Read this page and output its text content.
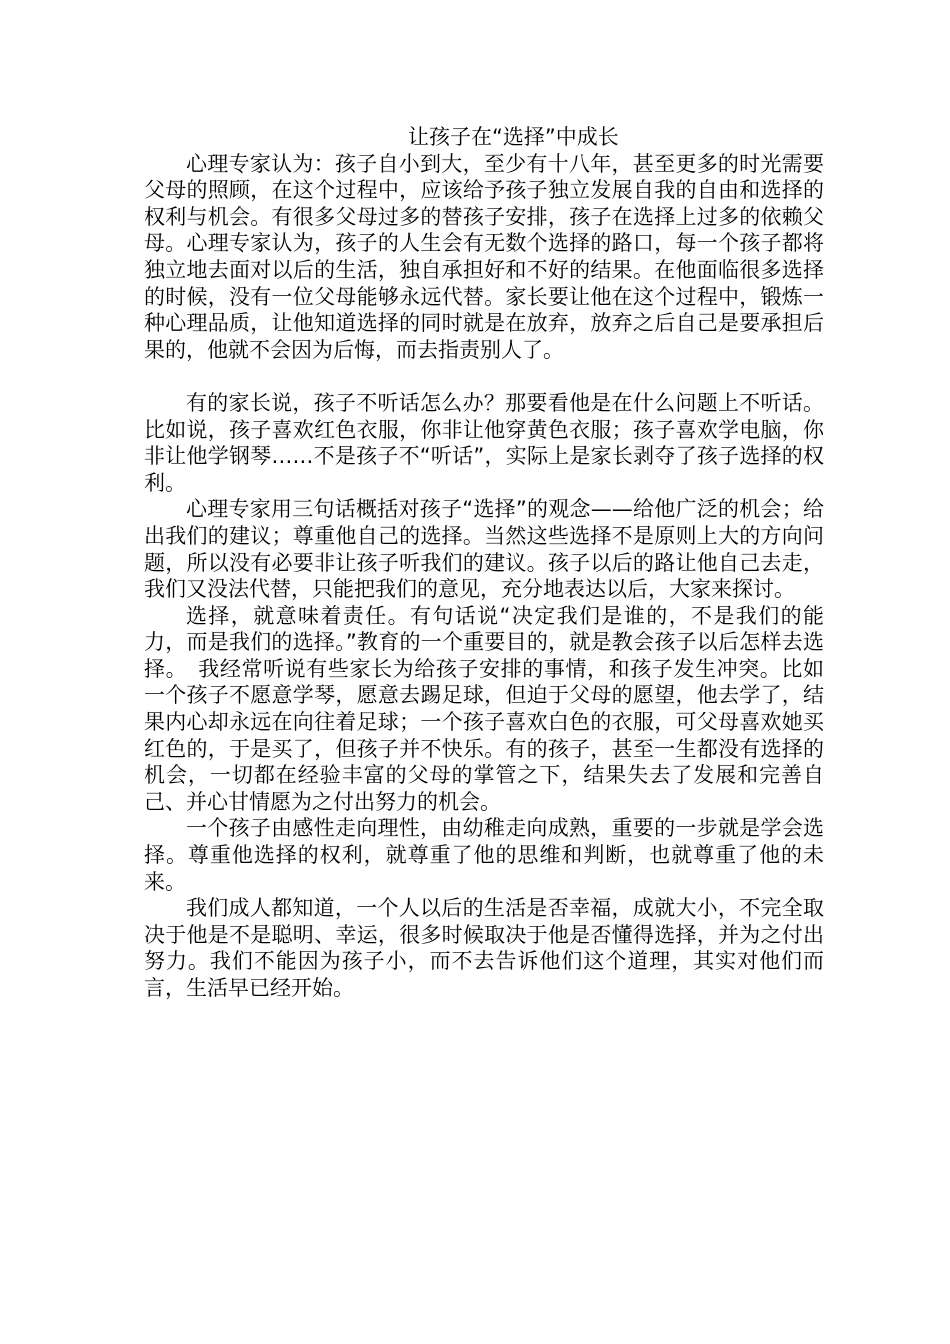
让孩子在“选择”中成长

心理专家认为：孩子自小到大，至少有十八年，甚至更多的时光需要父母的照顾，在这个过程中，应该给予孩子独立发展自我的自由和选择的权利与机会。有很多父母过多的替孩子安排，孩子在选择上过多的依赖父母。心理专家认为，孩子的人生会有无数个选择的路口，每一个孩子都将独立地去面对以后的生活，独自承担好和不好的结果。在他面临很多选择的时候，没有一位父母能够永远代替。家长要让他在这个过程中，锻炼一种心理品质，让他知道选择的同时就是在放弃，放弃之后自己是要承担后果的，他就不会因为后悔，而去指责别人了。

有的家长说，孩子不听话怎么办？那要看他是在什么问题上不听话。比如说，孩子喜欢红色衣服，你非让他穿黄色衣服；孩子喜欢学电脑，你非让他学钢琴……不是孩子不“听话”，实际上是家长剥夺了孩子选择的权利。

心理专家用三句话概括对孩子“选择”的观念——给他广泛的机会；给出我们的建议；尊重他自己的选择。当然这些选择不是原则上大的方向问题，所以没有必要非让孩子听我们的建议。孩子以后的路让他自己去走，我们又没法代替，只能把我们的意见，充分地表达以后，大家来探讨。

选择，就意味着责任。有句话说“决定我们是谁的，不是我们的能力，而是我们的选择。”教育的一个重要目的，就是教会孩子以后怎样去选择。　我经常听说有些家长为给孩子安排的事情，和孩子发生冲突。比如一个孩子不愿意学琴，愿意去踢足球，但迫于父母的愿望，他去学了，结果内心却永远在向往着足球；一个孩子喜欢白色的衣服，可父母喜欢她买红色的，于是买了，但孩子并不快乐。有的孩子，甚至一生都没有选择的机会，一切都在经验丰富的父母的掌管之下，结果失去了发展和完善自己、并心甘情愿为之付出努力的机会。

一个孩子由感性走向理性，由幼稚走向成熟，重要的一步就是学会选择。尊重他选择的权利，就尊重了他的思维和判断，也就尊重了他的未来。

我们成人都知道，一个人以后的生活是否幸福，成就大小，不完全取决于他是不是聪明、幸运，很多时候取决于他是否懂得选择，并为之付出努力。我们不能因为孩子小，而不去告诉他们这个道理，其实对他们而言，生活早已经开始。
